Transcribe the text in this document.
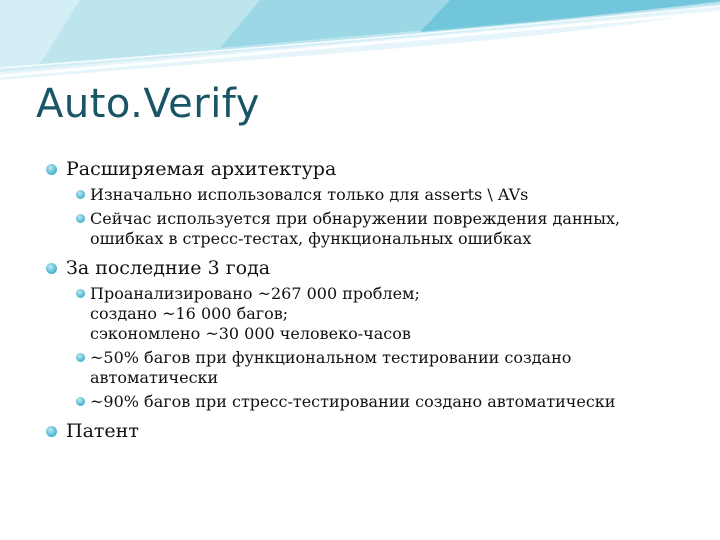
Auto.Verify
Расширяемая архитектура
Изначально использовался только для asserts \ AVs
Сейчас используется при обнаружении повреждения данных,
ошибках в стресс-тестах, функциональных ошибках
За последние 3 года
Проанализировано ~267 000 проблем;
создано ~16 000 багов;
сэкономлено ~30 000 человеко-часов
~50% багов при функциональном тестировании создано
автоматически
~90% багов при стресс-тестировании создано автоматически
Патент
